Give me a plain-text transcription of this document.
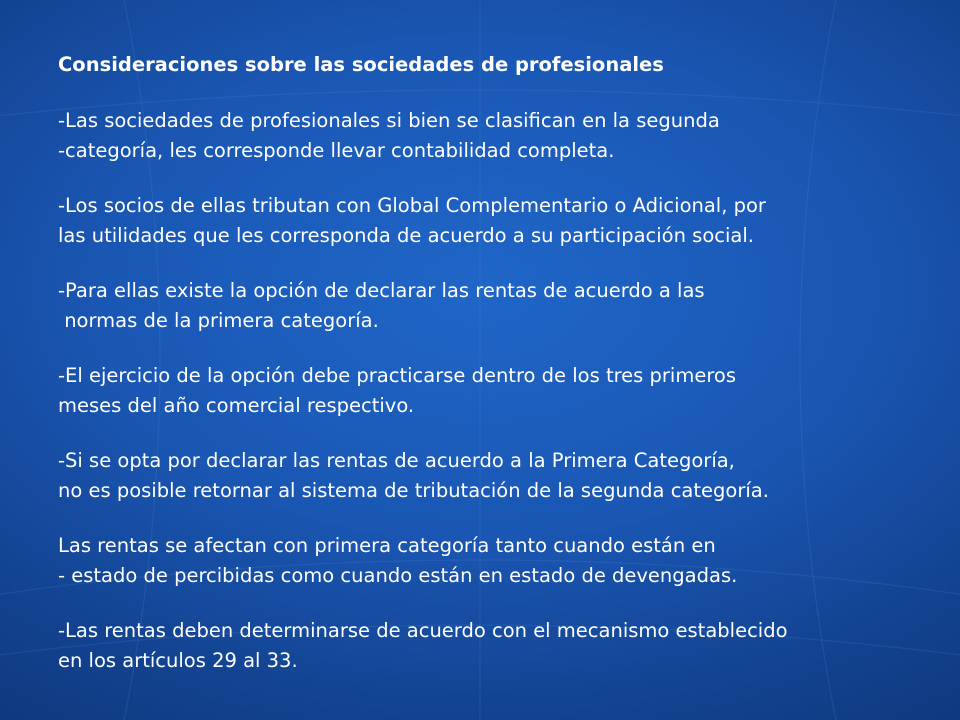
Consideraciones sobre las sociedades de profesionales
-Las sociedades de profesionales si bien se clasifican en la segunda
-categoría, les corresponde llevar contabilidad completa.
-Los socios de ellas tributan con Global Complementario o Adicional, por
las utilidades que les corresponda de acuerdo a su participación social.
-Para ellas existe la opción de declarar las rentas de acuerdo a las
normas de la primera categoría.
-El ejercicio de la opción debe practicarse dentro de los tres primeros
meses del año comercial respectivo.
-Si se opta por declarar las rentas de acuerdo a la Primera Categoría,
no es posible retornar al sistema de tributación de la segunda categoría.
Las rentas se afectan con primera categoría tanto cuando están en
- estado de percibidas como cuando están en estado de devengadas.
-Las rentas deben determinarse de acuerdo con el mecanismo establecido
en los artículos 29 al 33.
